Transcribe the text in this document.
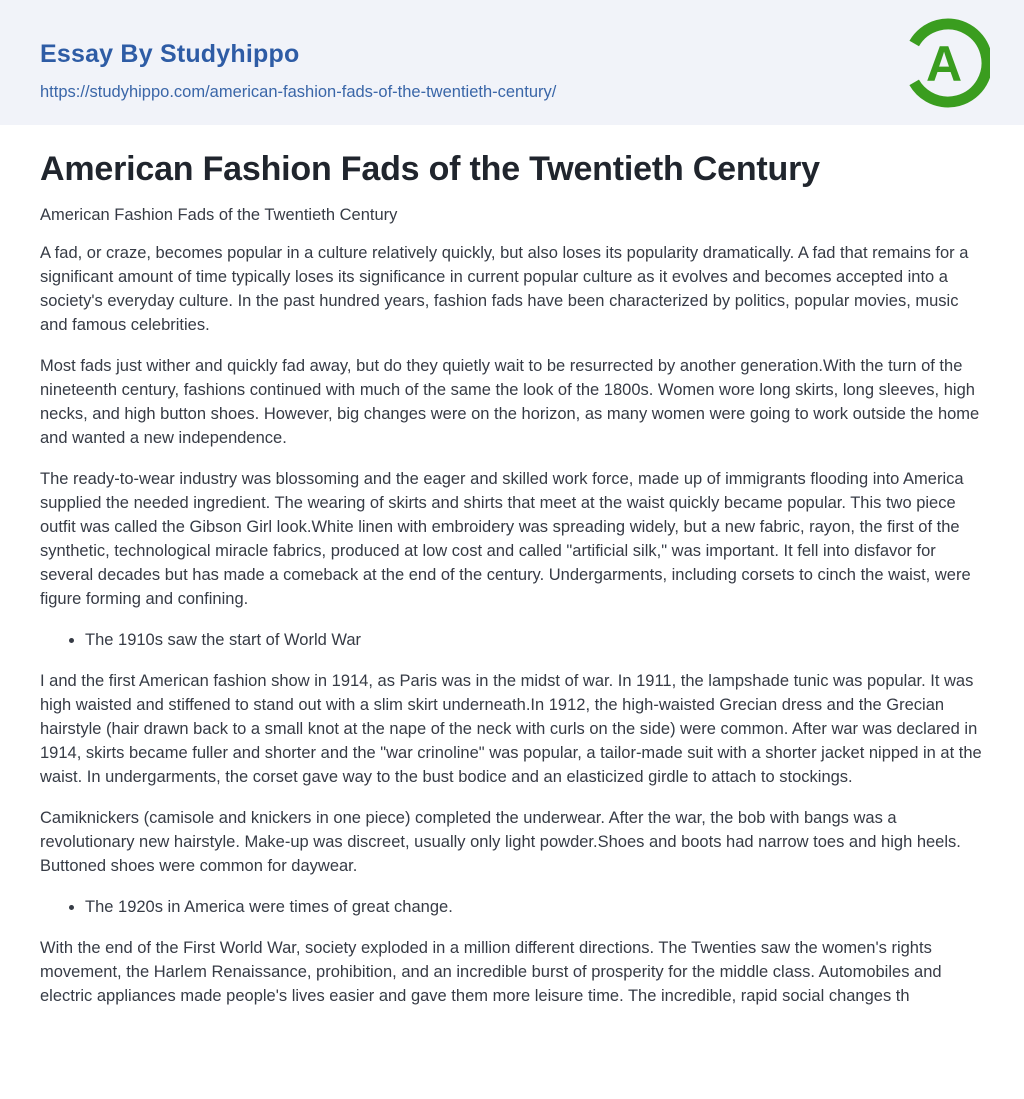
Essay By Studyhippo
https://studyhippo.com/american-fashion-fads-of-the-twentieth-century/	A
American Fashion Fads of the Twentieth Century

American Fashion Fads of the Twentieth Century

A fad, or craze, becomes popular in a culture relatively quickly, but also loses its popularity dramatically. A fad that remains for a significant amount of time typically loses its significance in current popular culture as it evolves and becomes accepted into a society's everyday culture. In the past hundred years, fashion fads have been characterized by politics, popular movies, music and famous celebrities.

Most fads just wither and quickly fad away, but do they quietly wait to be resurrected by another generation.With the turn of the nineteenth century, fashions continued with much of the same the look of the 1800s. Women wore long skirts, long sleeves, high necks, and high button shoes. However, big changes were on the horizon, as many women were going to work outside the home and wanted a new independence.

The ready-to-wear industry was blossoming and the eager and skilled work force, made up of immigrants flooding into America supplied the needed ingredient. The wearing of skirts and shirts that meet at the waist quickly became popular. This two piece outfit was called the Gibson Girl look.White linen with embroidery was spreading widely, but a new fabric, rayon, the first of the synthetic, technological miracle fabrics, produced at low cost and called "artificial silk," was important. It fell into disfavor for several decades but has made a comeback at the end of the century. Undergarments, including corsets to cinch the waist, were figure forming and confining.

• The 1910s saw the start of World War

I and the first American fashion show in 1914, as Paris was in the midst of war. In 1911, the lampshade tunic was popular. It was high waisted and stiffened to stand out with a slim skirt underneath.In 1912, the high-waisted Grecian dress and the Grecian hairstyle (hair drawn back to a small knot at the nape of the neck with curls on the side) were common. After war was declared in 1914, skirts became fuller and shorter and the "war crinoline" was popular, a tailor-made suit with a shorter jacket nipped in at the waist. In undergarments, the corset gave way to the bust bodice and an elasticized girdle to attach to stockings.

Camiknickers (camisole and knickers in one piece) completed the underwear. After the war, the bob with bangs was a revolutionary new hairstyle. Make-up was discreet, usually only light powder.Shoes and boots had narrow toes and high heels. Buttoned shoes were common for daywear.

• The 1920s in America were times of great change.

With the end of the First World War, society exploded in a million different directions. The Twenties saw the women's rights movement, the Harlem Renaissance, prohibition, and an incredible burst of prosperity for the middle class. Automobiles and electric appliances made people's lives easier and gave them more leisure time. The incredible, rapid social changes th
